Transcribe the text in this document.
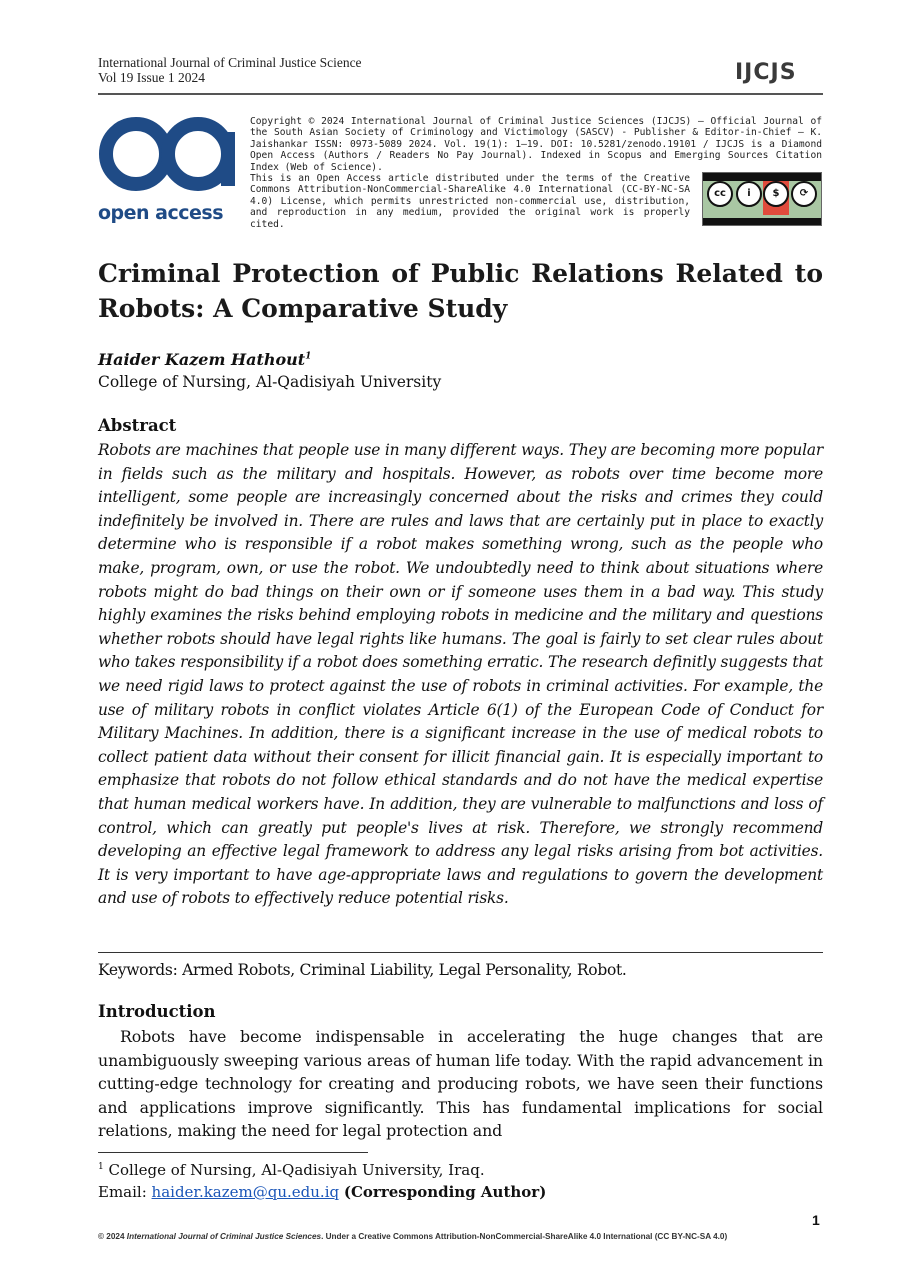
International Journal of Criminal Justice Science
Vol 19 Issue 1 2024	IJCJS
open access
Copyright © 2024 International Journal of Criminal Justice Sciences (IJCJS) – Official Journal of the South Asian Society of Criminology and Victimology (SASCV) - Publisher & Editor-in-Chief – K. Jaishankar ISSN: 0973-5089 2024. Vol. 19(1): 1–19. DOI: 10.5281/zenodo.19101 / IJCJS is a Diamond Open Access (Authors / Readers No Pay Journal). Indexed in Scopus and Emerging Sources Citation Index (Web of Science).
This is an Open Access article distributed under the terms of the Creative Commons Attribution-NonCommercial-ShareAlike 4.0 International (CC-BY-NC-SA 4.0) License, which permits unrestricted non-commercial use, distribution, and reproduction in any medium, provided the original work is properly cited.
cc	i	$	⟳
Criminal Protection of Public Relations Related to Robots: A Comparative Study
Haider Kazem Hathout$^1$
College of Nursing, Al-Qadisiyah University
Abstract
Robots are machines that people use in many different ways. They are becoming more popular in fields such as the military and hospitals. However, as robots over time become more intelligent, some people are increasingly concerned about the risks and crimes they could indefinitely be involved in. There are rules and laws that are certainly put in place to exactly determine who is responsible if a robot makes something wrong, such as the people who make, program, own, or use the robot. We undoubtedly need to think about situations where robots might do bad things on their own or if someone uses them in a bad way. This study highly examines the risks behind employing robots in medicine and the military and questions whether robots should have legal rights like humans. The goal is fairly to set clear rules about who takes responsibility if a robot does something erratic. The research definitly suggests that we need rigid laws to protect against the use of robots in criminal activities. For example, the use of military robots in conflict violates Article 6(1) of the European Code of Conduct for Military Machines. In addition, there is a significant increase in the use of medical robots to collect patient data without their consent for illicit financial gain. It is especially important to emphasize that robots do not follow ethical standards and do not have the medical expertise that human medical workers have. In addition, they are vulnerable to malfunctions and loss of control, which can greatly put people's lives at risk. Therefore, we strongly recommend developing an effective legal framework to address any legal risks arising from bot activities. It is very important to have age-appropriate laws and regulations to govern the development and use of robots to effectively reduce potential risks.
Keywords: Armed Robots, Criminal Liability, Legal Personality, Robot.
Introduction
Robots have become indispensable in accelerating the huge changes that are unambiguously sweeping various areas of human life today. With the rapid advancement in cutting-edge technology for creating and producing robots, we have seen their functions and applications improve significantly. This has fundamental implications for social relations, making the need for legal protection and
$^1$ College of Nursing, Al-Qadisiyah University, Iraq.
Email: haider.kazem@qu.edu.iq (Corresponding Author)
1
© 2024 International Journal of Criminal Justice Sciences. Under a Creative Commons Attribution-NonCommercial-ShareAlike 4.0 International (CC BY-NC-SA 4.0)
